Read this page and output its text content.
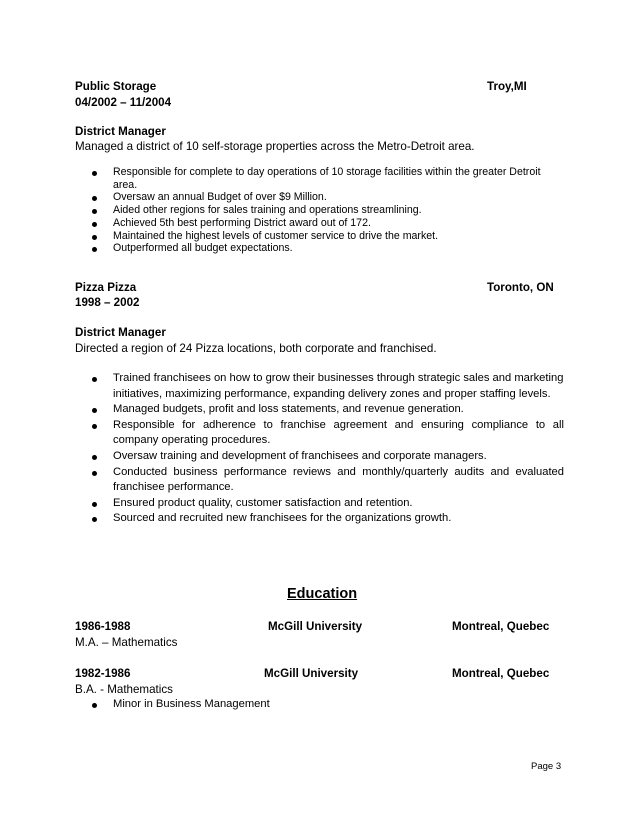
Public Storage	Troy,MI
04/2002 – 11/2004
District Manager
Managed a district of 10 self-storage properties across the Metro-Detroit area.
Responsible for complete to day operations of 10 storage facilities within the greater Detroit area.
Oversaw an annual Budget of over $9 Million.
Aided other regions for sales training and operations streamlining.
Achieved 5th best performing District award out of 172.
Maintained the highest levels of customer service to drive the market.
Outperformed all budget expectations.
Pizza Pizza	Toronto, ON
1998 – 2002
District Manager
Directed a region of 24 Pizza locations, both corporate and franchised.
Trained franchisees on how to grow their businesses through strategic sales and marketing initiatives, maximizing performance, expanding delivery zones and proper staffing levels.
Managed budgets, profit and loss statements, and revenue generation.
Responsible for adherence to franchise agreement and ensuring compliance to all company operating procedures.
Oversaw training and development of franchisees and corporate managers.
Conducted business performance reviews and monthly/quarterly audits and evaluated franchisee performance.
Ensured product quality, customer satisfaction and retention.
Sourced and recruited new franchisees for the organizations growth.
Education
1986-1988	McGill University	Montreal, Quebec
M.A. – Mathematics
1982-1986	McGill University	Montreal, Quebec
B.A. - Mathematics
Minor in Business Management
Page 3
